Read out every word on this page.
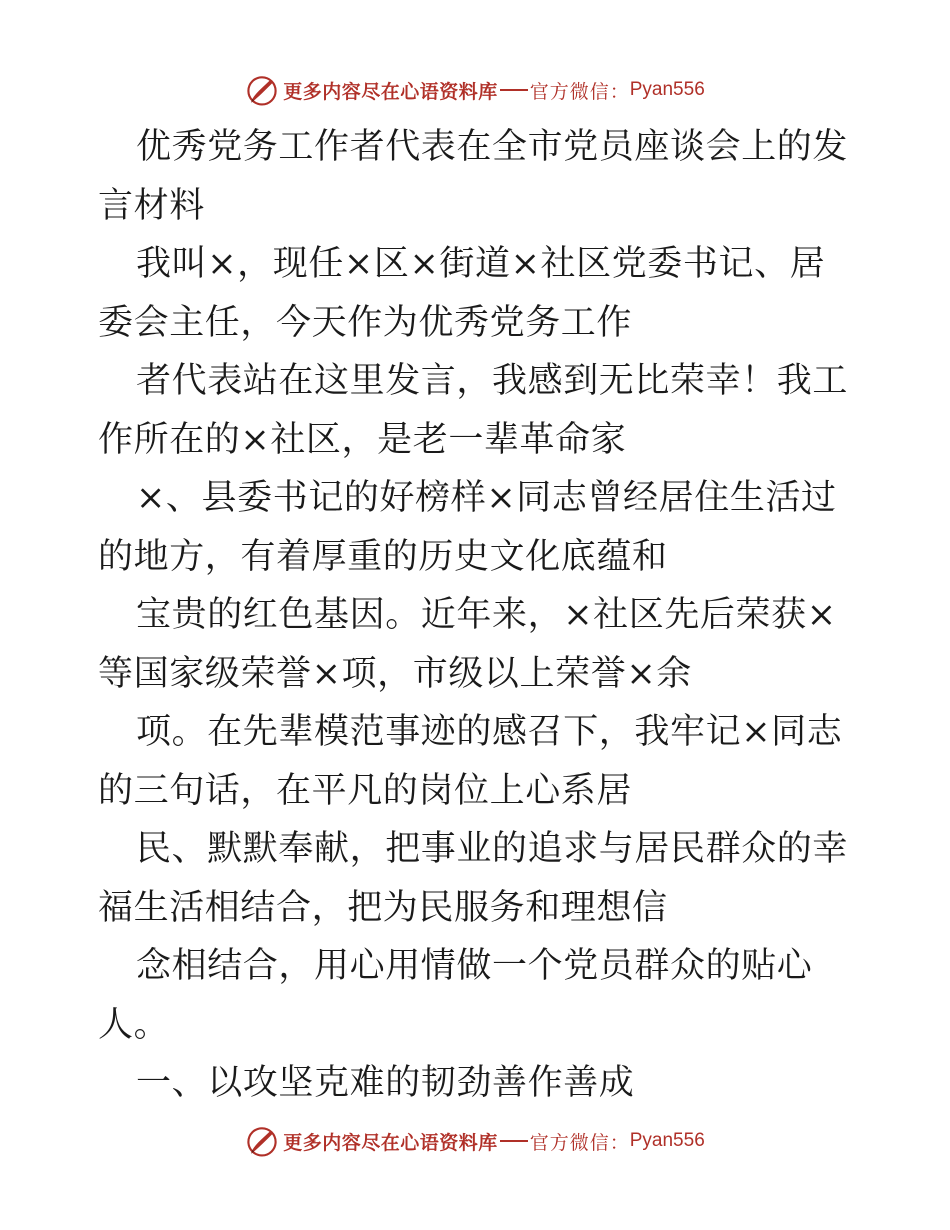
更多内容尽在心语资料库 官方微信： Pyan556

优秀党务工作者代表在全市党员座谈会上的发言材料

我叫×，现任×区×街道×社区党委书记、居委会主任，今天作为优秀党务工作

者代表站在这里发言，我感到无比荣幸！我工作所在的×社区，是老一辈革命家

×、县委书记的好榜样×同志曾经居住生活过的地方，有着厚重的历史文化底蕴和

宝贵的红色基因。近年来，×社区先后荣获×等国家级荣誉×项，市级以上荣誉×余

项。在先辈模范事迹的感召下，我牢记×同志的三句话，在平凡的岗位上心系居

民、默默奉献，把事业的追求与居民群众的幸福生活相结合，把为民服务和理想信

念相结合，用心用情做一个党员群众的贴心人。

一、以攻坚克难的韧劲善作善成

更多内容尽在心语资料库 官方微信： Pyan556
